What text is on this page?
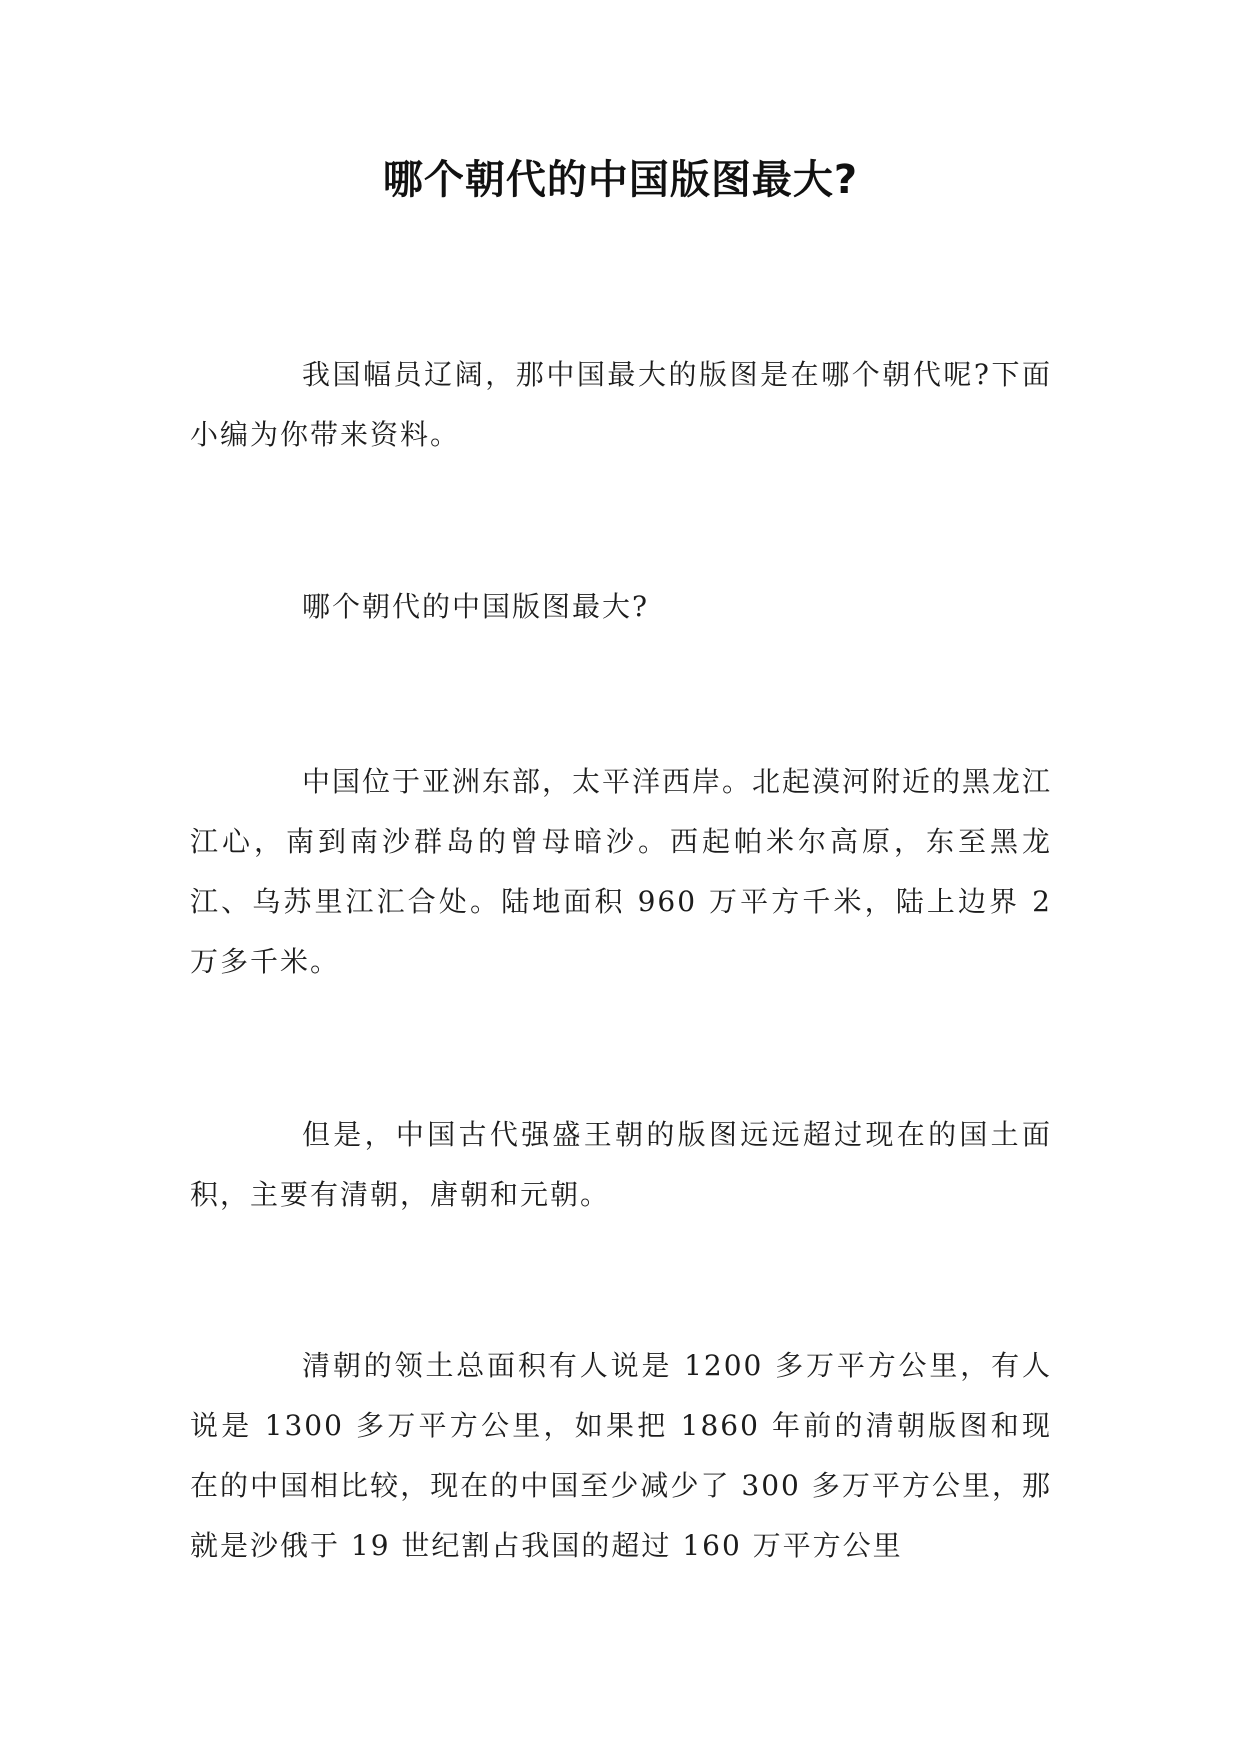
哪个朝代的中国版图最大?

我国幅员辽阔，那中国最大的版图是在哪个朝代呢?下面小编为你带来资料。

哪个朝代的中国版图最大?

中国位于亚洲东部，太平洋西岸。北起漠河附近的黑龙江江心，南到南沙群岛的曾母暗沙。西起帕米尔高原，东至黑龙江、乌苏里江汇合处。陆地面积 960 万平方千米，陆上边界 2 万多千米。

但是，中国古代强盛王朝的版图远远超过现在的国土面积，主要有清朝，唐朝和元朝。

清朝的领土总面积有人说是 1200 多万平方公里，有人说是 1300 多万平方公里，如果把 1860 年前的清朝版图和现在的中国相比较，现在的中国至少减少了 300 多万平方公里，那就是沙俄于 19 世纪割占我国的超过 160 万平方公里
